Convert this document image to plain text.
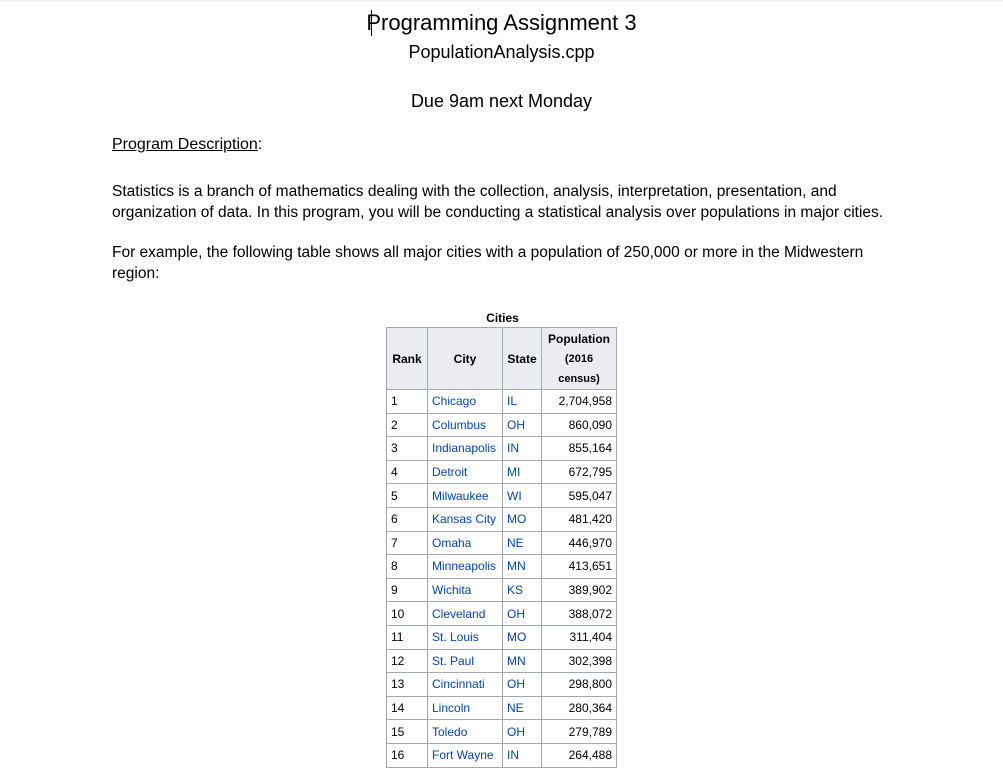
Programming Assignment 3
PopulationAnalysis.cpp
Due 9am next Monday
Program Description:
Statistics is a branch of mathematics dealing with the collection, analysis, interpretation, presentation, and organization of data. In this program, you will be conducting a statistical analysis over populations in major cities.
For example, the following table shows all major cities with a population of 250,000 or more in the Midwestern region:
Cities
Rank	City	State	Population
(2016
census)

1	Chicago	IL	2,704,958
2	Columbus	OH	860,090
3	Indianapolis	IN	855,164
4	Detroit	MI	672,795
5	Milwaukee	WI	595,047
6	Kansas City	MO	481,420
7	Omaha	NE	446,970
8	Minneapolis	MN	413,651
9	Wichita	KS	389,902
10	Cleveland	OH	388,072
11	St. Louis	MO	311,404
12	St. Paul	MN	302,398
13	Cincinnati	OH	298,800
14	Lincoln	NE	280,364
15	Toledo	OH	279,789
16	Fort Wayne	IN	264,488
